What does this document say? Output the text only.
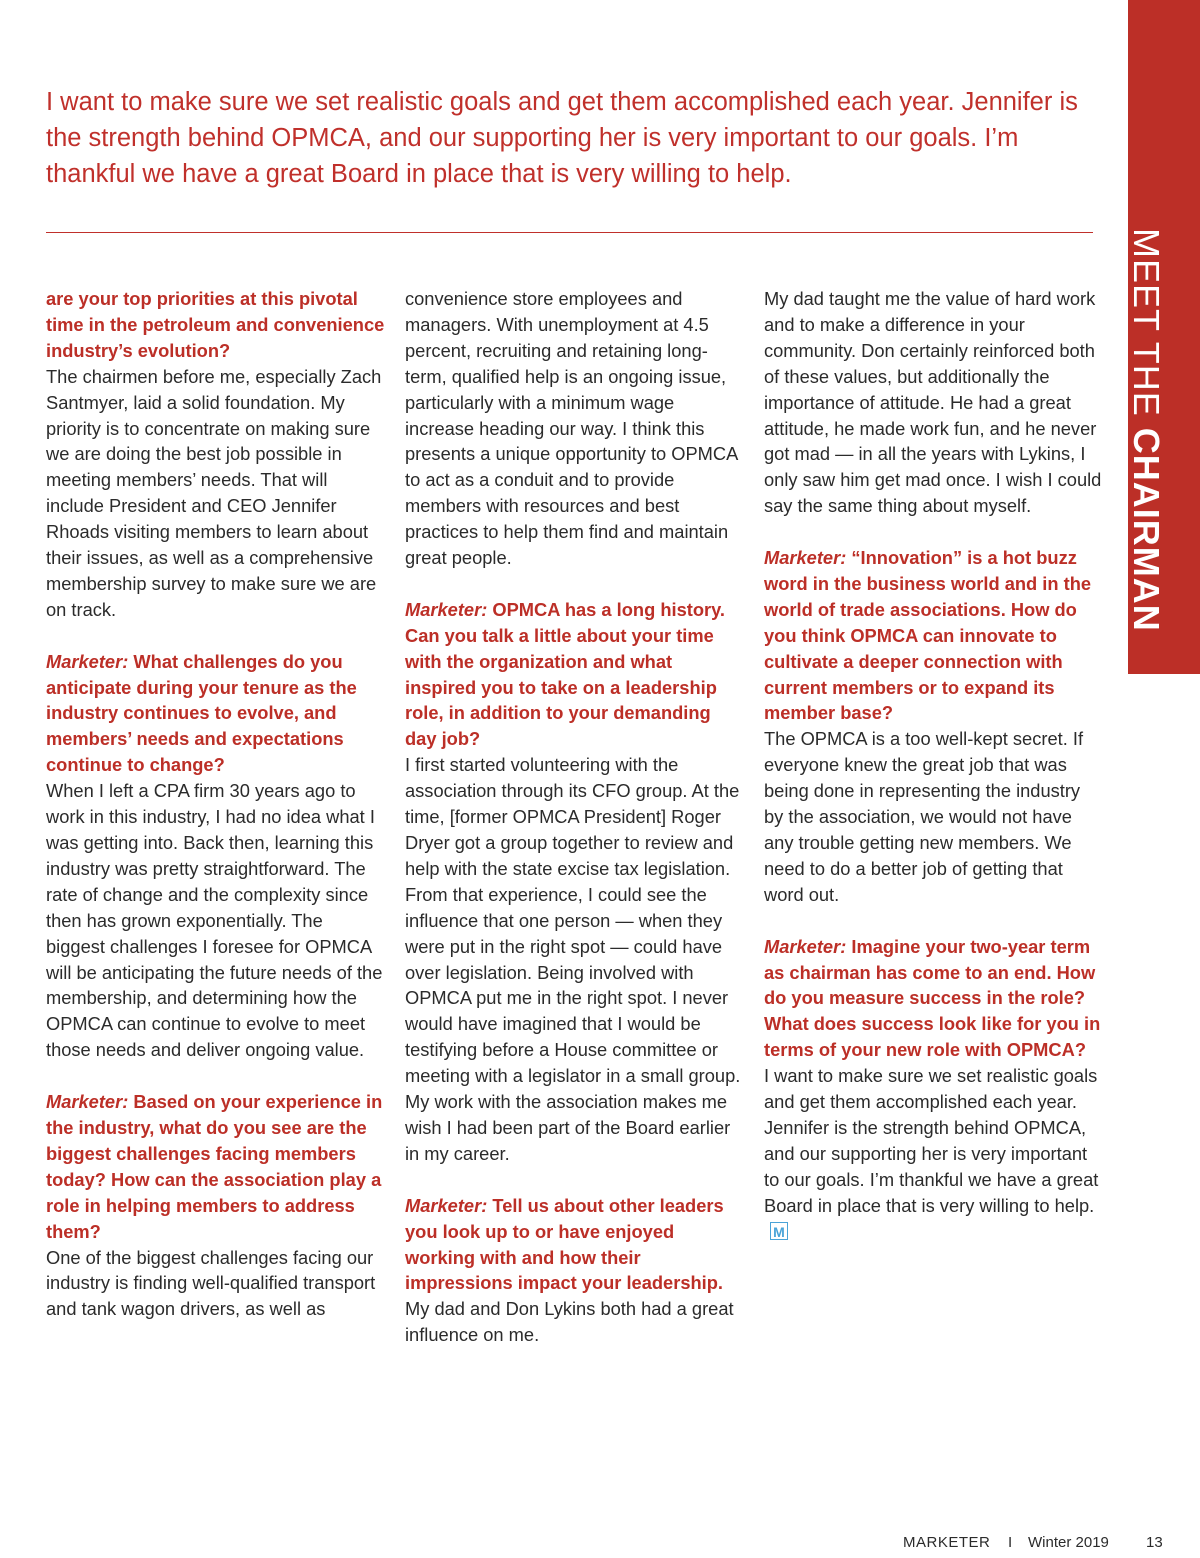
I want to make sure we set realistic goals and get them accomplished each year. Jennifer is the strength behind OPMCA, and our supporting her is very important to our goals. I’m thankful we have a great Board in place that is very willing to help.

MEET THE CHAIRMAN

are your top priorities at this pivotal time in the petroleum and convenience industry’s evolution?

The chairmen before me, especially Zach Santmyer, laid a solid foundation. My priority is to concentrate on making sure we are doing the best job possible in meeting members’ needs. That will include President and CEO Jennifer Rhoads visiting members to learn about their issues, as well as a comprehensive membership survey to make sure we are on track.

Marketer: What challenges do you anticipate during your tenure as the industry continues to evolve, and members’ needs and expectations continue to change?

When I left a CPA firm 30 years ago to work in this industry, I had no idea what I was getting into. Back then, learning this industry was pretty straightforward. The rate of change and the complexity since then has grown exponentially. The biggest challenges I foresee for OPMCA will be anticipating the future needs of the membership, and determining how the OPMCA can continue to evolve to meet those needs and deliver ongoing value.

Marketer: Based on your experience in the industry, what do you see are the biggest challenges facing members today? How can the association play a role in helping members to address them?

One of the biggest challenges facing our industry is finding well-qualified transport and tank wagon drivers, as well as

convenience store employees and managers. With unemployment at 4.5 percent, recruiting and retaining long-term, qualified help is an ongoing issue, particularly with a minimum wage increase heading our way. I think this presents a unique opportunity to OPMCA to act as a conduit and to provide members with resources and best practices to help them find and maintain great people.

Marketer: OPMCA has a long history. Can you talk a little about your time with the organization and what inspired you to take on a leadership role, in addition to your demanding day job?

I first started volunteering with the association through its CFO group. At the time, [former OPMCA President] Roger Dryer got a group together to review and help with the state excise tax legislation. From that experience, I could see the influence that one person — when they were put in the right spot — could have over legislation. Being involved with OPMCA put me in the right spot. I never would have imagined that I would be testifying before a House committee or meeting with a legislator in a small group. My work with the association makes me wish I had been part of the Board earlier in my career.

Marketer: Tell us about other leaders you look up to or have enjoyed working with and how their impressions impact your leadership.

My dad and Don Lykins both had a great influence on me.

My dad taught me the value of hard work and to make a difference in your community. Don certainly reinforced both of these values, but additionally the importance of attitude. He had a great attitude, he made work fun, and he never got mad — in all the years with Lykins, I only saw him get mad once. I wish I could say the same thing about myself.

Marketer: “Innovation” is a hot buzz word in the business world and in the world of trade associations. How do you think OPMCA can innovate to cultivate a deeper connection with current members or to expand its member base?

The OPMCA is a too well-kept secret. If everyone knew the great job that was being done in representing the industry by the association, we would not have any trouble getting new members. We need to do a better job of getting that word out.

Marketer: Imagine your two-year term as chairman has come to an end. How do you measure success in the role? What does success look like for you in terms of your new role with OPMCA?

I want to make sure we set realistic goals and get them accomplished each year. Jennifer is the strength behind OPMCA, and our supporting her is very important to our goals. I’m thankful we have a great Board in place that is very willing to help.M

MARKETER I Winter 2019 13
